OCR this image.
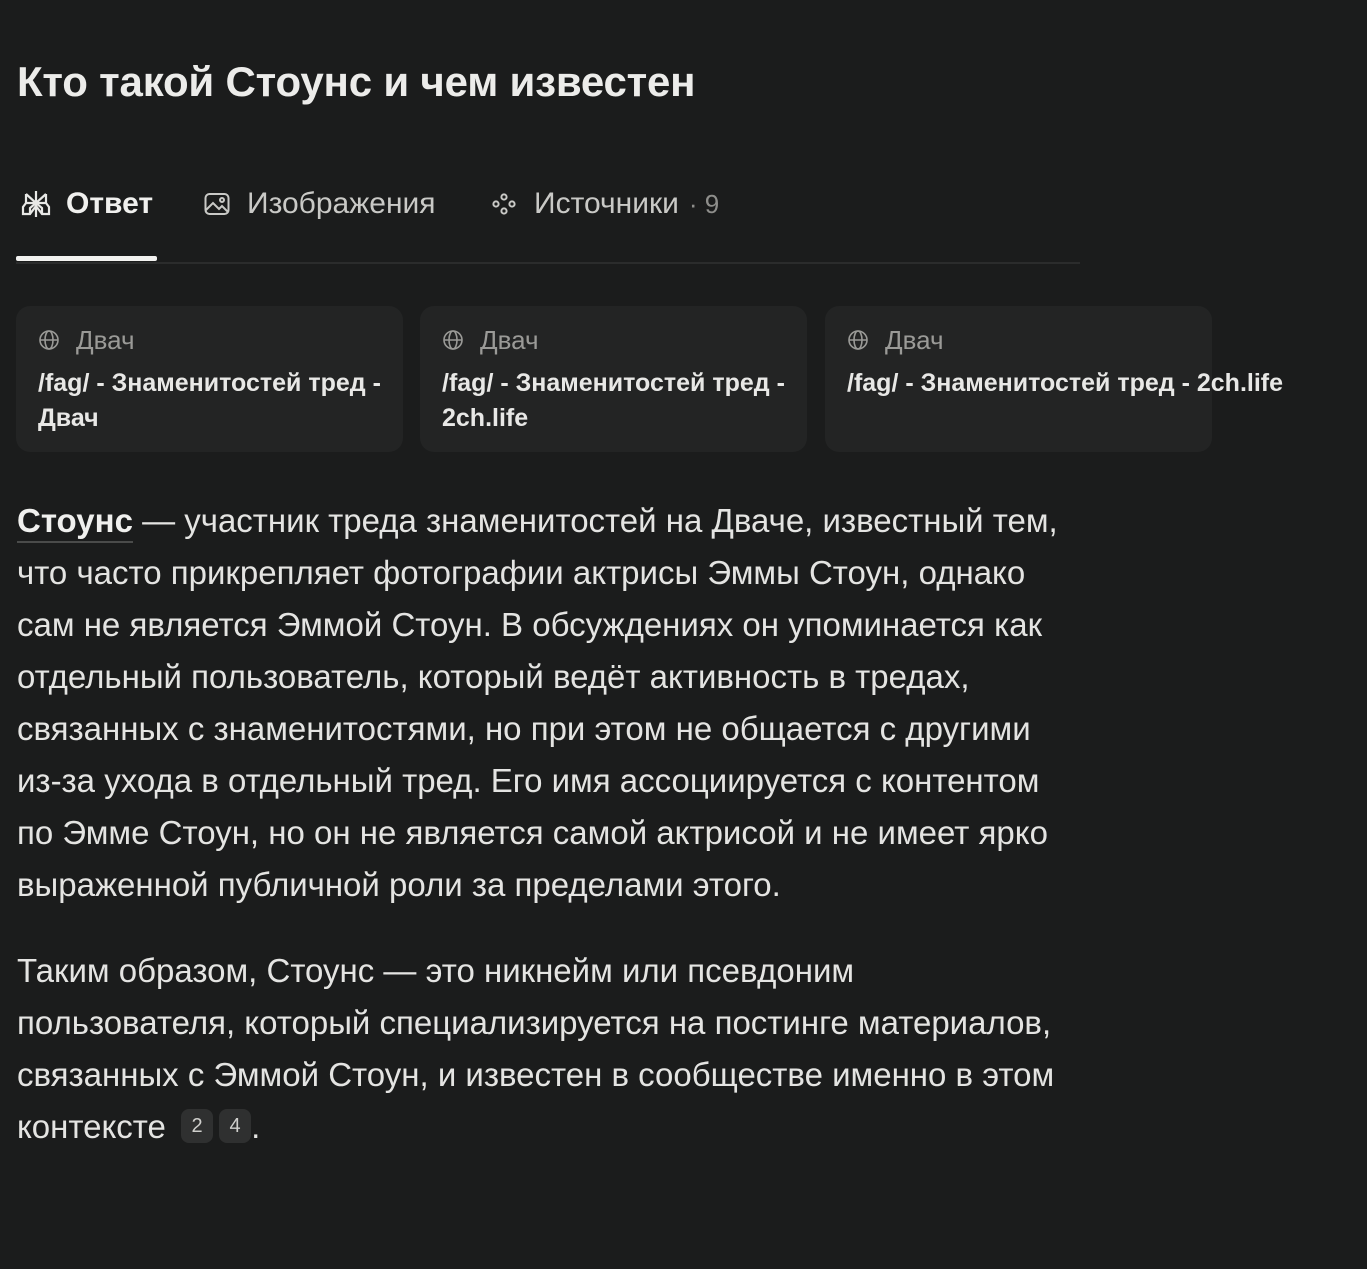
Кто такой Стоунс и чем известен
Ответ	Изображения	Источники · 9
Двач
/fag/ - Знаменитостей тред - Двач
Двач
/fag/ - Знаменитостей тред - 2ch.life
Двач
/fag/ - Знаменитостей тред - 2ch.life

Стоунс — участник треда знаменитостей на Дваче, известный тем, что часто прикрепляет фотографии актрисы Эммы Стоун, однако сам не является Эммой Стоун. В обсуждениях он упоминается как отдельный пользователь, который ведёт активность в тредах, связанных с знаменитостями, но при этом не общается с другими из-за ухода в отдельный тред. Его имя ассоциируется с контентом по Эмме Стоун, но он не является самой актрисой и не имеет ярко выраженной публичной роли за пределами этого.

Таким образом, Стоунс — это никнейм или псевдоним пользователя, который специализируется на постинге материалов, связанных с Эммой Стоун, и известен в сообществе именно в этом контексте 2 4 .
